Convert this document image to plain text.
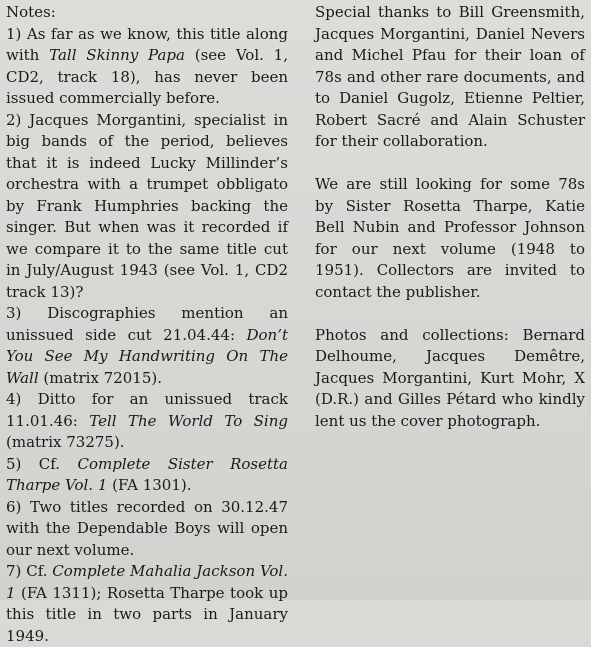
Notes:

1) As far as we know, this title along with Tall Skinny Papa (see Vol. 1, CD2, track 18), has never been issued commercially before.

2) Jacques Morgantini, specialist in big bands of the period, believes that it is indeed Lucky Millinder’s orchestra with a trumpet obbligato by Frank Humphries backing the singer. But when was it recorded if we compare it to the same title cut in July/August 1943 (see Vol. 1, CD2 track 13)?

3) Discographies mention an unissued side cut 21.04.44: Don’t You See My Handwriting On The Wall (matrix 72015).

4) Ditto for an unissued track 11.01.46: Tell The World To Sing (matrix 73275).

5) Cf. Complete Sister Rosetta Tharpe Vol. 1 (FA 1301).

6) Two titles recorded on 30.12.47 with the Dependable Boys will open our next volume.

7) Cf. Complete Mahalia Jackson Vol. 1 (FA 1311); Rosetta Tharpe took up this title in two parts in January 1949.

Special thanks to Bill Greensmith, Jacques Morgantini, Daniel Nevers and Michel Pfau for their loan of 78s and other rare documents, and to Daniel Gugolz, Etienne Peltier, Robert Sacré and Alain Schuster for their collaboration.

We are still looking for some 78s by Sister Rosetta Tharpe, Katie Bell Nubin and Professor Johnson for our next volume (1948 to 1951). Collectors are invited to contact the publisher.

Photos and collections: Bernard Delhoume, Jacques Demêtre, Jacques Morgantini, Kurt Mohr, X (D.R.) and Gilles Pétard who kindly lent us the cover photograph.
